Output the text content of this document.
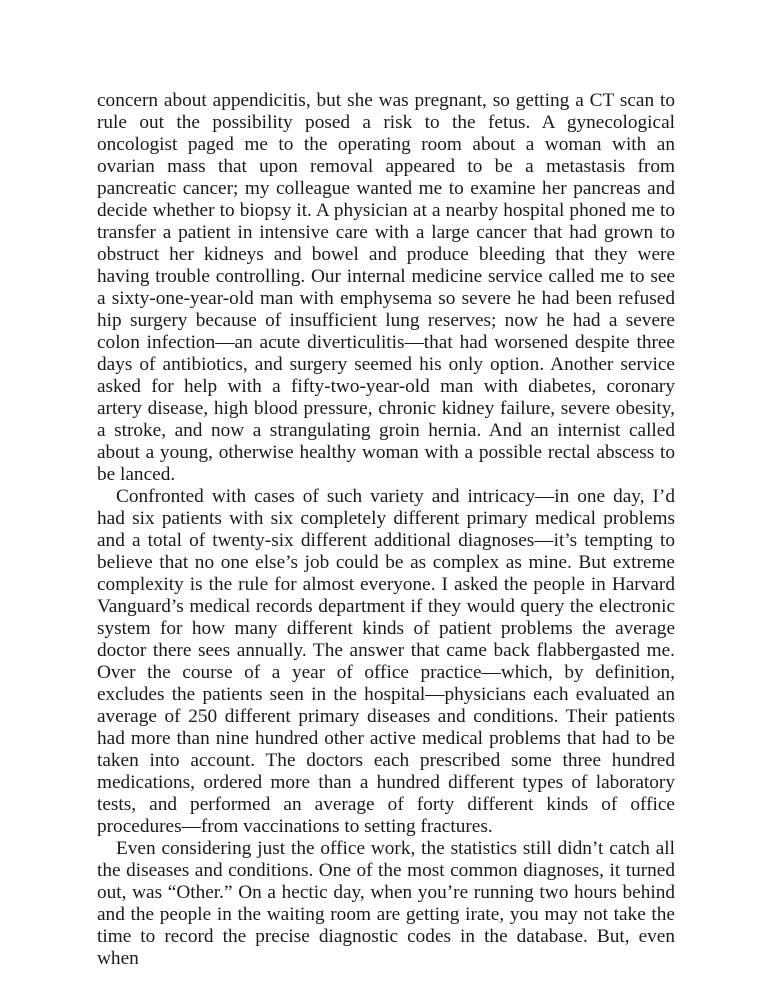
concern about appendicitis, but she was pregnant, so getting a CT scan to rule out the possibility posed a risk to the fetus. A gynecological oncologist paged me to the operating room about a woman with an ovarian mass that upon removal appeared to be a metastasis from pancreatic cancer; my colleague wanted me to examine her pancreas and decide whether to biopsy it. A physician at a nearby hospital phoned me to transfer a patient in intensive care with a large cancer that had grown to obstruct her kidneys and bowel and produce bleeding that they were having trouble controlling. Our internal medicine service called me to see a sixty-one-year-old man with emphysema so severe he had been refused hip surgery because of insufficient lung reserves; now he had a severe colon infection—an acute diverticulitis—that had worsened despite three days of antibiotics, and surgery seemed his only option. Another service asked for help with a fifty-two-year-old man with diabetes, coronary artery disease, high blood pressure, chronic kidney failure, severe obesity, a stroke, and now a strangulating groin hernia. And an internist called about a young, otherwise healthy woman with a possible rectal abscess to be lanced.

Confronted with cases of such variety and intricacy—in one day, I’d had six patients with six completely different primary medical problems and a total of twenty-six different additional diagnoses—it’s tempting to believe that no one else’s job could be as complex as mine. But extreme complexity is the rule for almost everyone. I asked the people in Harvard Vanguard’s medical records department if they would query the electronic system for how many different kinds of patient problems the average doctor there sees annually. The answer that came back flabbergasted me. Over the course of a year of office practice—which, by definition, excludes the patients seen in the hospital—physicians each evaluated an average of 250 different primary diseases and conditions. Their patients had more than nine hundred other active medical problems that had to be taken into account. The doctors each prescribed some three hundred medications, ordered more than a hundred different types of laboratory tests, and performed an average of forty different kinds of office procedures—from vaccinations to setting fractures.

Even considering just the office work, the statistics still didn’t catch all the diseases and conditions. One of the most common diagnoses, it turned out, was “Other.” On a hectic day, when you’re running two hours behind and the people in the waiting room are getting irate, you may not take the time to record the precise diagnostic codes in the database. But, even when
